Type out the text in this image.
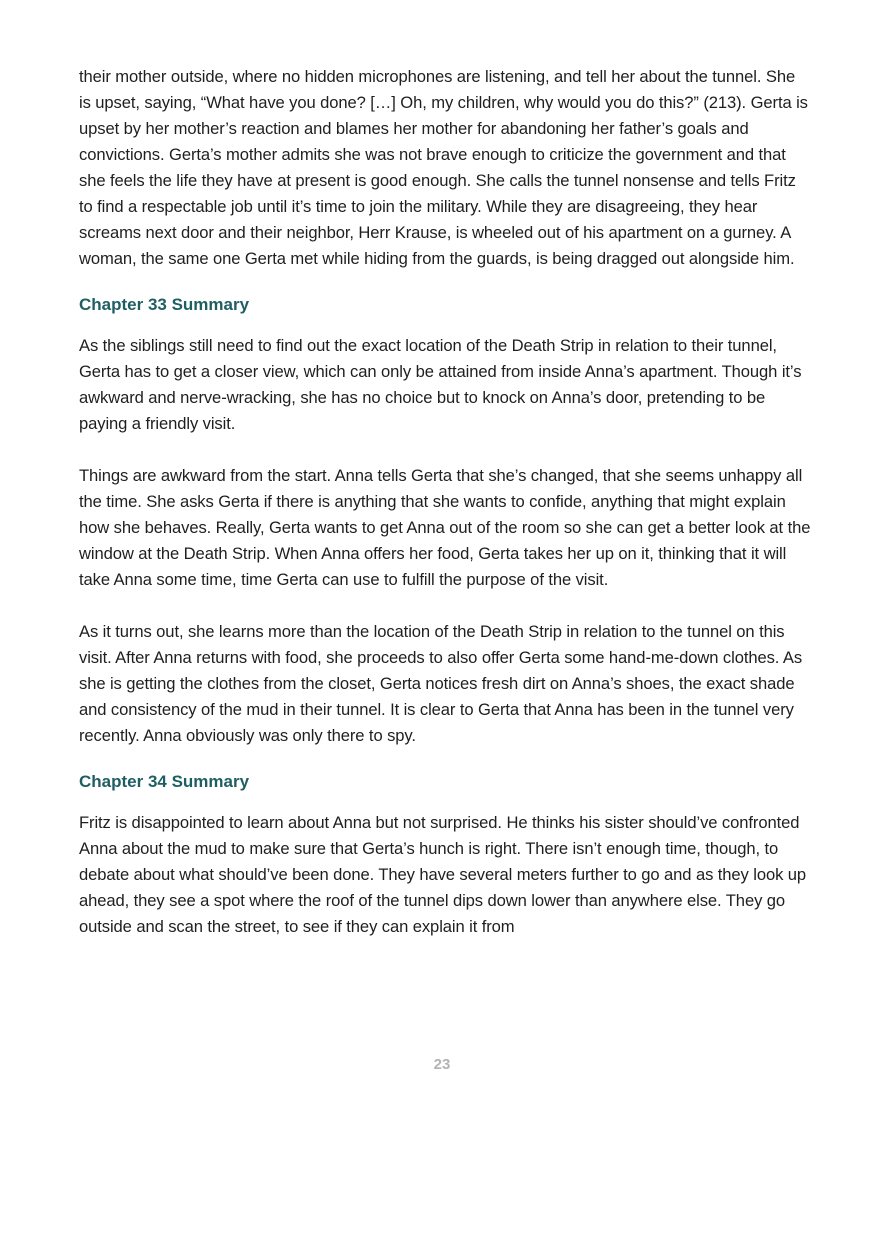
their mother outside, where no hidden microphones are listening, and tell her about the tunnel. She is upset, saying, “What have you done? […] Oh, my children, why would you do this?” (213). Gerta is upset by her mother’s reaction and blames her mother for abandoning her father’s goals and convictions. Gerta’s mother admits she was not brave enough to criticize the government and that she feels the life they have at present is good enough. She calls the tunnel nonsense and tells Fritz to find a respectable job until it’s time to join the military. While they are disagreeing, they hear screams next door and their neighbor, Herr Krause, is wheeled out of his apartment on a gurney. A woman, the same one Gerta met while hiding from the guards, is being dragged out alongside him.

Chapter 33 Summary

As the siblings still need to find out the exact location of the Death Strip in relation to their tunnel, Gerta has to get a closer view, which can only be attained from inside Anna’s apartment. Though it’s awkward and nerve-wracking, she has no choice but to knock on Anna’s door, pretending to be paying a friendly visit.

Things are awkward from the start. Anna tells Gerta that she’s changed, that she seems unhappy all the time. She asks Gerta if there is anything that she wants to confide, anything that might explain how she behaves. Really, Gerta wants to get Anna out of the room so she can get a better look at the window at the Death Strip. When Anna offers her food, Gerta takes her up on it, thinking that it will take Anna some time, time Gerta can use to fulfill the purpose of the visit.

As it turns out, she learns more than the location of the Death Strip in relation to the tunnel on this visit. After Anna returns with food, she proceeds to also offer Gerta some hand-me-down clothes. As she is getting the clothes from the closet, Gerta notices fresh dirt on Anna’s shoes, the exact shade and consistency of the mud in their tunnel. It is clear to Gerta that Anna has been in the tunnel very recently. Anna obviously was only there to spy.

Chapter 34 Summary

Fritz is disappointed to learn about Anna but not surprised. He thinks his sister should’ve confronted Anna about the mud to make sure that Gerta’s hunch is right. There isn’t enough time, though, to debate about what should’ve been done. They have several meters further to go and as they look up ahead, they see a spot where the roof of the tunnel dips down lower than anywhere else. They go outside and scan the street, to see if they can explain it from

23
